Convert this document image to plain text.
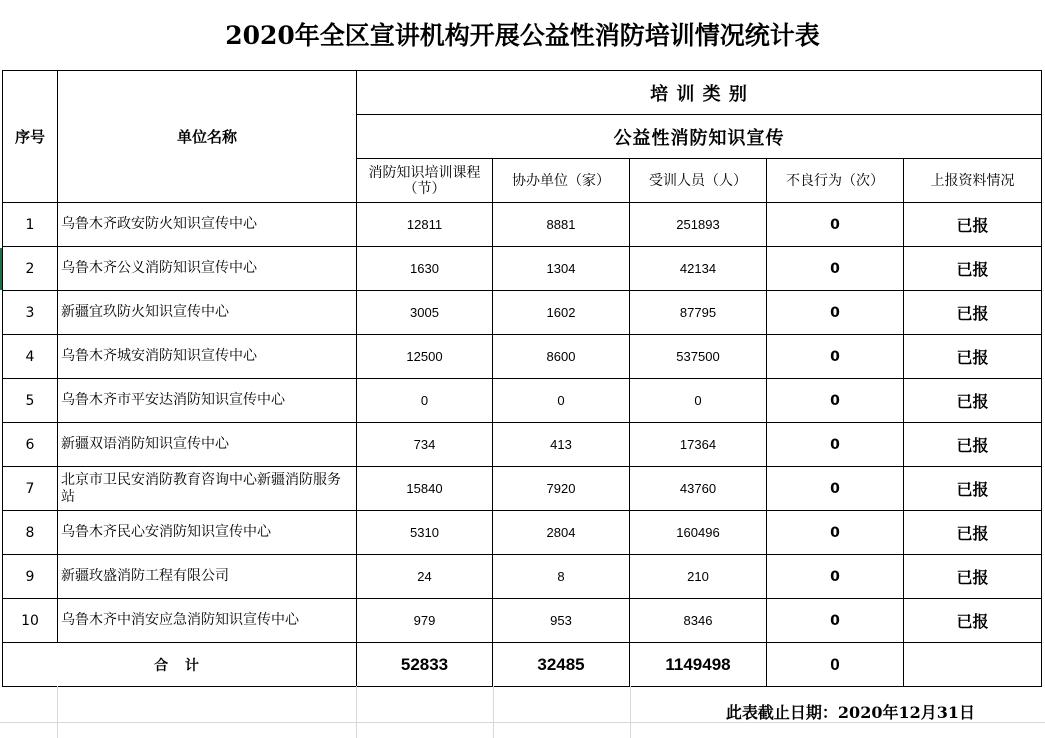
2020年全区宣讲机构开展公益性消防培训情况统计表
序号	单位名称	培 训 类 别				
		公益性消防知识宣传				
		消防知识培训课程（节）	协办单位（家）	受训人员（人）	不良行为（次）	上报资料情况
1	乌鲁木齐政安防火知识宣传中心	12811	8881	251893	0	已报
2	乌鲁木齐公义消防知识宣传中心	1630	1304	42134	0	已报
3	新疆宜玖防火知识宣传中心	3005	1602	87795	0	已报
4	乌鲁木齐城安消防知识宣传中心	12500	8600	537500	0	已报
5	乌鲁木齐市平安达消防知识宣传中心	0	0	0	0	已报
6	新疆双语消防知识宣传中心	734	413	17364	0	已报
7	北京市卫民安消防教育咨询中心新疆消防服务站	15840	7920	43760	0	已报
8	乌鲁木齐民心安消防知识宣传中心	5310	2804	160496	0	已报
9	新疆玫盛消防工程有限公司	24	8	210	0	已报
10	乌鲁木齐中消安应急消防知识宣传中心	979	953	8346	0	已报
合 计		52833	32485	1149498	0	
此表截止日期：2020年12月31日
